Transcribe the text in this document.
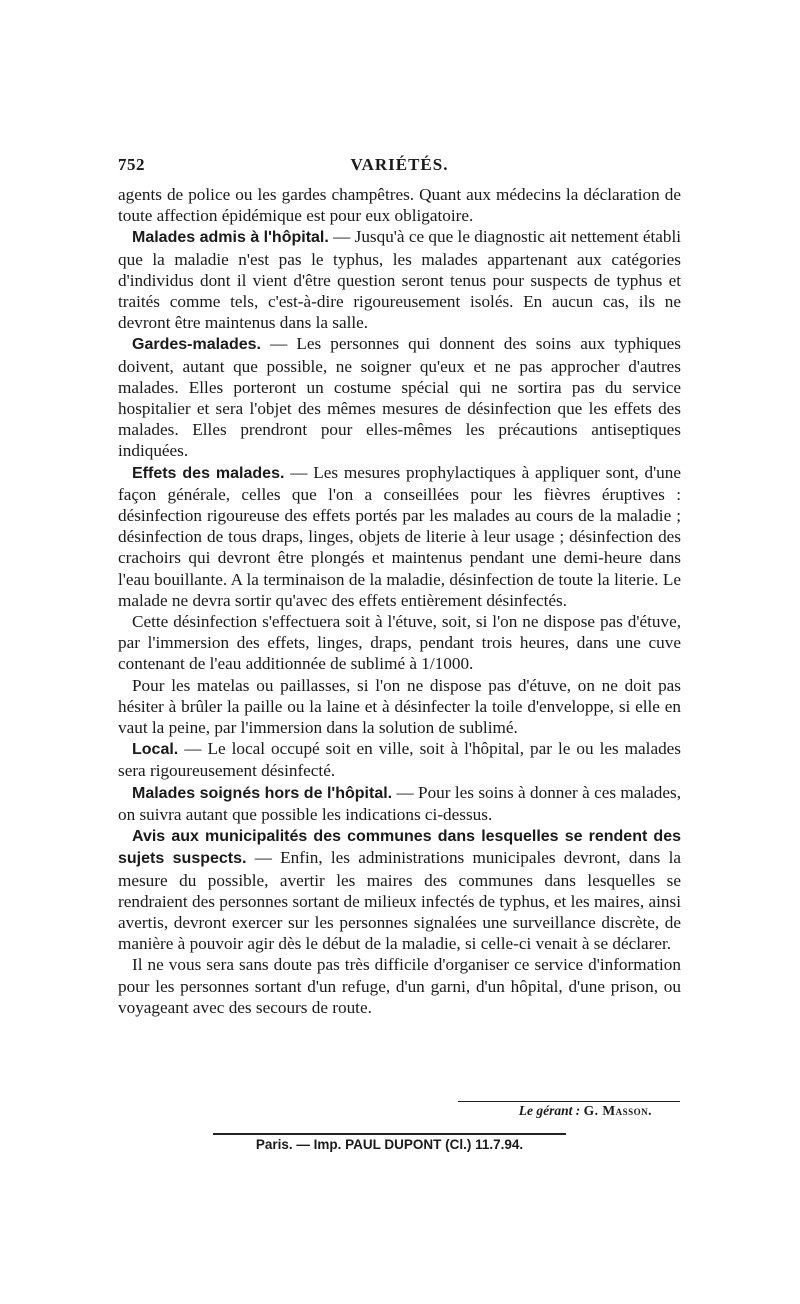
752	VARIÉTÉS.

agents de police ou les gardes champêtres. Quant aux médecins la déclaration de toute affection épidémique est pour eux obligatoire.

Malades admis à l'hôpital. — Jusqu'à ce que le diagnostic ait nettement établi que la maladie n'est pas le typhus, les malades appartenant aux catégories d'individus dont il vient d'être question seront tenus pour suspects de typhus et traités comme tels, c'est-à-dire rigoureusement isolés. En aucun cas, ils ne devront être maintenus dans la salle.

Gardes-malades. — Les personnes qui donnent des soins aux typhiques doivent, autant que possible, ne soigner qu'eux et ne pas approcher d'autres malades. Elles porteront un costume spécial qui ne sortira pas du service hospitalier et sera l'objet des mêmes mesures de désinfection que les effets des malades. Elles prendront pour elles-mêmes les précautions antiseptiques indiquées.

Effets des malades. — Les mesures prophylactiques à appliquer sont, d'une façon générale, celles que l'on a conseillées pour les fièvres éruptives : désinfection rigoureuse des effets portés par les malades au cours de la maladie ; désinfection de tous draps, linges, objets de literie à leur usage ; désinfection des crachoirs qui devront être plongés et maintenus pendant une demi-heure dans l'eau bouillante. A la terminaison de la maladie, désinfection de toute la literie. Le malade ne devra sortir qu'avec des effets entièrement désinfectés.

Cette désinfection s'effectuera soit à l'étuve, soit, si l'on ne dispose pas d'étuve, par l'immersion des effets, linges, draps, pendant trois heures, dans une cuve contenant de l'eau additionnée de sublimé à 1/1000.

Pour les matelas ou paillasses, si l'on ne dispose pas d'étuve, on ne doit pas hésiter à brûler la paille ou la laine et à désinfecter la toile d'enveloppe, si elle en vaut la peine, par l'immersion dans la solution de sublimé.

Local. — Le local occupé soit en ville, soit à l'hôpital, par le ou les malades sera rigoureusement désinfecté.

Malades soignés hors de l'hôpital. — Pour les soins à donner à ces malades, on suivra autant que possible les indications ci-dessus.

Avis aux municipalités des communes dans lesquelles se rendent des sujets suspects. — Enfin, les administrations municipales devront, dans la mesure du possible, avertir les maires des communes dans lesquelles se rendraient des personnes sortant de milieux infectés de typhus, et les maires, ainsi avertis, devront exercer sur les personnes signalées une surveillance discrète, de manière à pouvoir agir dès le début de la maladie, si celle-ci venait à se déclarer.

Il ne vous sera sans doute pas très difficile d'organiser ce service d'information pour les personnes sortant d'un refuge, d'un garni, d'un hôpital, d'une prison, ou voyageant avec des secours de route.

Le gérant : G. Masson.
Paris. — Imp. PAUL DUPONT (Cl.) 11.7.94.
